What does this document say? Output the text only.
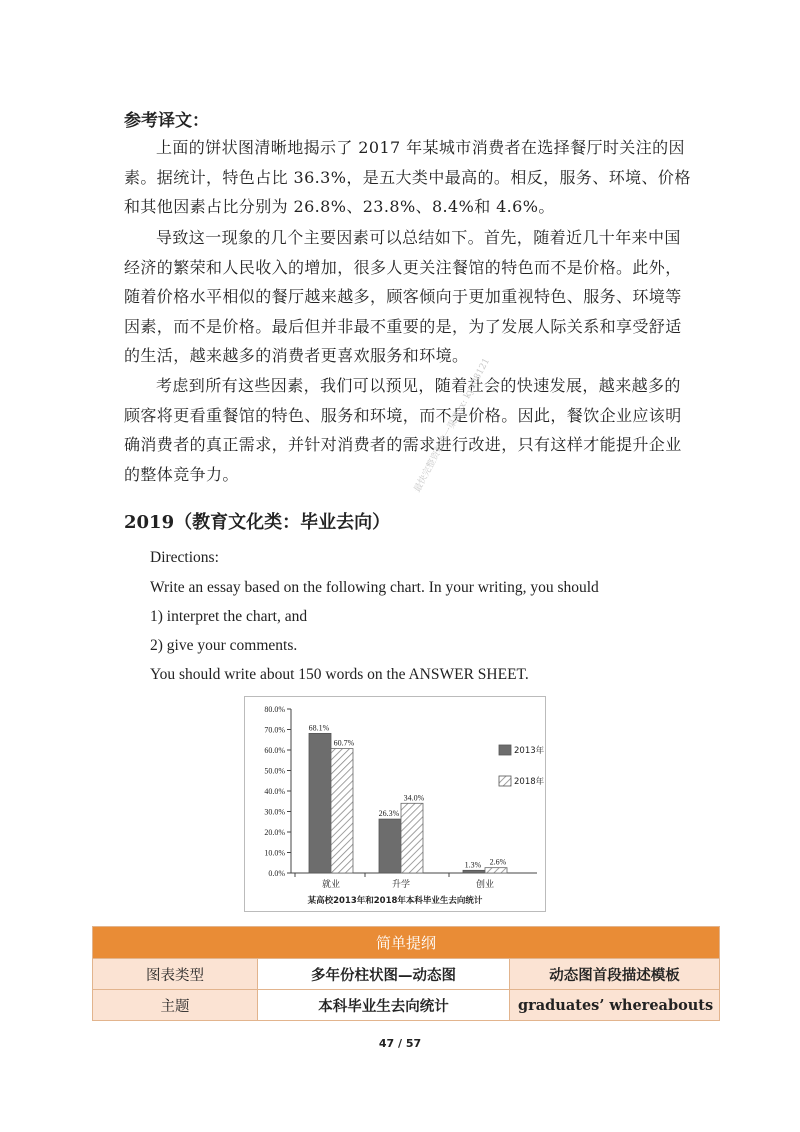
参考译文：

上面的饼状图清晰地揭示了 2017 年某城市消费者在选择餐厅时关注的因素。据统计，特色占比 36.3%，是五大类中最高的。相反，服务、环境、价格和其他因素占比分别为 26.8%、23.8%、8.4%和 4.6%。

导致这一现象的几个主要因素可以总结如下。首先，随着近几十年来中国经济的繁荣和人民收入的增加，很多人更关注餐馆的特色而不是价格。此外，随着价格水平相似的餐厅越来越多，顾客倾向于更加重视特色、服务、环境等因素，而不是价格。最后但并非最不重要的是，为了发展人际关系和享受舒适的生活，越来越多的消费者更喜欢服务和环境。

考虑到所有这些因素，我们可以预见，随着社会的快速发展，越来越多的顾客将更看重餐馆的特色、服务和环境，而不是价格。因此，餐饮企业应该明确消费者的真正需求，并针对消费者的需求进行改进，只有这样才能提升企业的整体竞争力。

2019（教育文化类：毕业去向）
最快完整资料唯一渠道vx: kyx08121

Directions:

Write an essay based on the following chart. In your writing, you should

1) interpret the chart, and

2) give your comments.

You should write about 150 words on the ANSWER SHEET.

0.0%
10.0%
20.0%
30.0%
40.0%
50.0%
60.0%
70.0%
80.0%
68.1%
60.7%
就业
26.3%
34.0%
升学
1.3% 2.6%
创业
2013年
2018年
某高校2013年和2018年本科毕业生去向统计
简单提纲		
图表类型	多年份柱状图—动态图	动态图首段描述模板
主题	本科毕业生去向统计	graduates’ whereabouts
47 / 57
